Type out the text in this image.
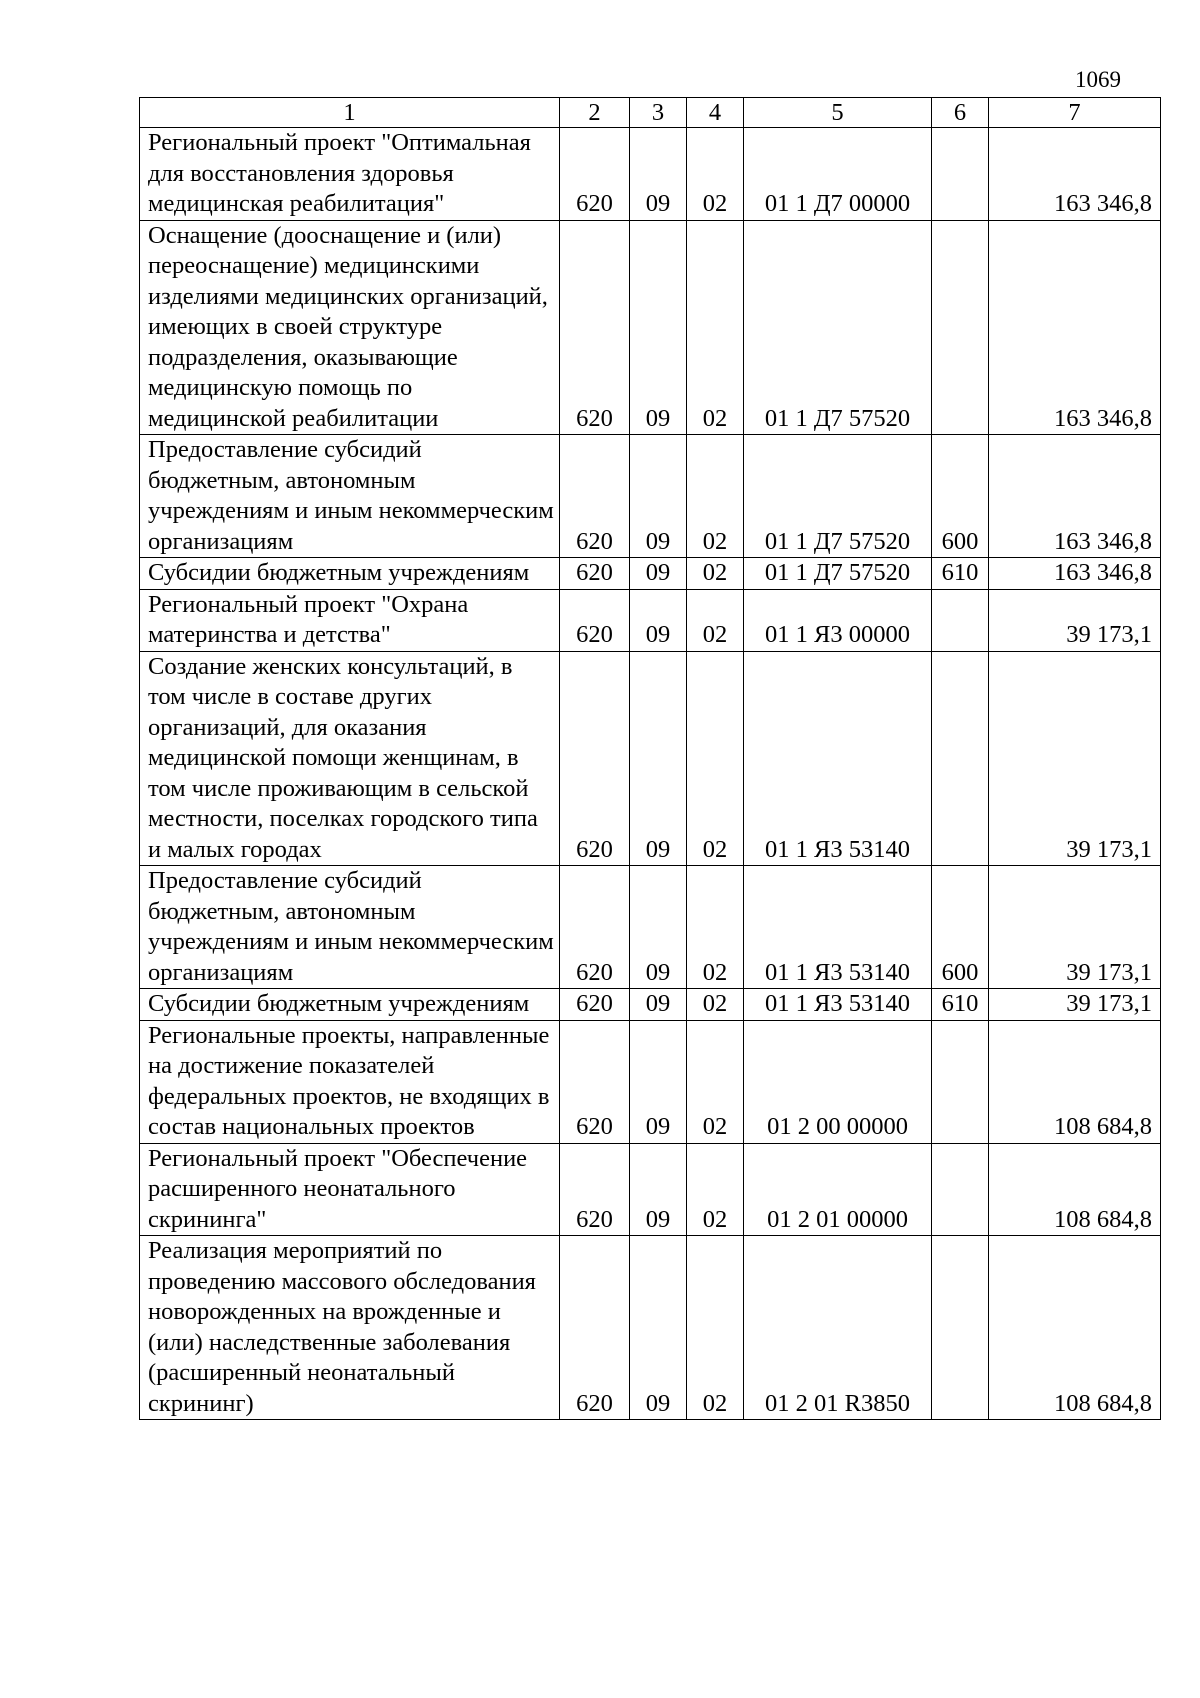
1069
1	2	3	4	5	6	7
Региональный проект "Оптимальная для восстановления здоровья медицинская реабилитация"	620	09	02	01 1 Д7 00000		163 346,8
Оснащение (дооснащение и (или) переоснащение) медицинскими изделиями медицинских организаций, имеющих в своей структуре подразделения, оказывающие медицинскую помощь по медицинской реабилитации	620	09	02	01 1 Д7 57520		163 346,8
Предоставление субсидий бюджетным, автономным учреждениям и иным некоммерческим организациям	620	09	02	01 1 Д7 57520	600	163 346,8
Субсидии бюджетным учреждениям	620	09	02	01 1 Д7 57520	610	163 346,8
Региональный проект "Охрана материнства и детства"	620	09	02	01 1 Я3 00000		39 173,1
Создание женских консультаций, в том числе в составе других организаций, для оказания медицинской помощи женщинам, в том числе проживающим в сельской местности, поселках городского типа и малых городах	620	09	02	01 1 Я3 53140		39 173,1
Предоставление субсидий бюджетным, автономным учреждениям и иным некоммерческим организациям	620	09	02	01 1 Я3 53140	600	39 173,1
Субсидии бюджетным учреждениям	620	09	02	01 1 Я3 53140	610	39 173,1
Региональные проекты, направленные на достижение показателей федеральных проектов, не входящих в состав национальных проектов	620	09	02	01 2 00 00000		108 684,8
Региональный проект "Обеспечение расширенного неонатального скрининга"	620	09	02	01 2 01 00000		108 684,8
Реализация мероприятий по проведению массового обследования новорожденных на врожденные и (или) наследственные заболевания (расширенный неонатальный скрининг)	620	09	02	01 2 01 R3850		108 684,8
